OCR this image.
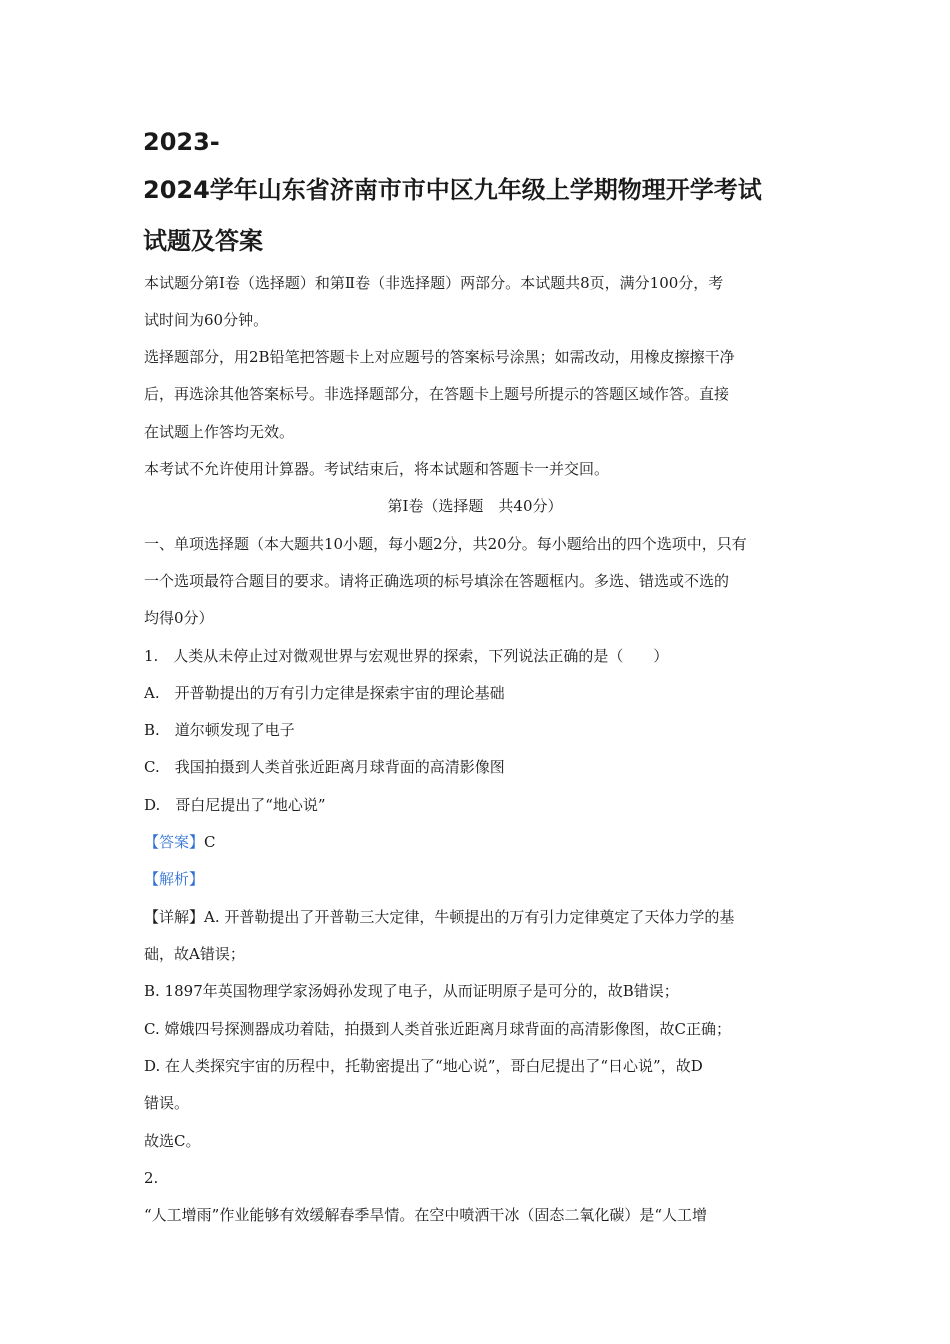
2023-
2024学年山东省济南市市中区九年级上学期物理开学考试
试题及答案
本试题分第Ⅰ卷（选择题）和第Ⅱ卷（非选择题）两部分。本试题共8页，满分100分，考
试时间为60分钟。
选择题部分，用2B铅笔把答题卡上对应题号的答案标号涂黑；如需改动，用橡皮擦擦干净
后，再选涂其他答案标号。非选择题部分，在答题卡上题号所提示的答题区域作答。直接
在试题上作答均无效。
本考试不允许使用计算器。考试结束后，将本试题和答题卡一并交回。
第Ⅰ卷（选择题　共40分）
一、单项选择题（本大题共10小题，每小题2分，共20分。每小题给出的四个选项中，只有
一个选项最符合题目的要求。请将正确选项的标号填涂在答题框内。多选、错选或不选的
均得0分）
1.　人类从未停止过对微观世界与宏观世界的探索，下列说法正确的是（　　）
A.　开普勒提出的万有引力定律是探索宇宙的理论基础
B.　道尔顿发现了电子
C.　我国拍摄到人类首张近距离月球背面的高清影像图
D.　哥白尼提出了“地心说”
【答案】C
【解析】
【详解】A. 开普勒提出了开普勒三大定律，牛顿提出的万有引力定律奠定了天体力学的基
础，故A错误；
B. 1897年英国物理学家汤姆孙发现了电子，从而证明原子是可分的，故B错误；
C. 嫦娥四号探测器成功着陆，拍摄到人类首张近距离月球背面的高清影像图，故C正确；
D. 在人类探究宇宙的历程中，托勒密提出了“地心说”，哥白尼提出了“日心说”，故D
错误。
故选C。
2.
“人工增雨”作业能够有效缓解春季旱情。在空中喷洒干冰（固态二氧化碳）是“人工增
